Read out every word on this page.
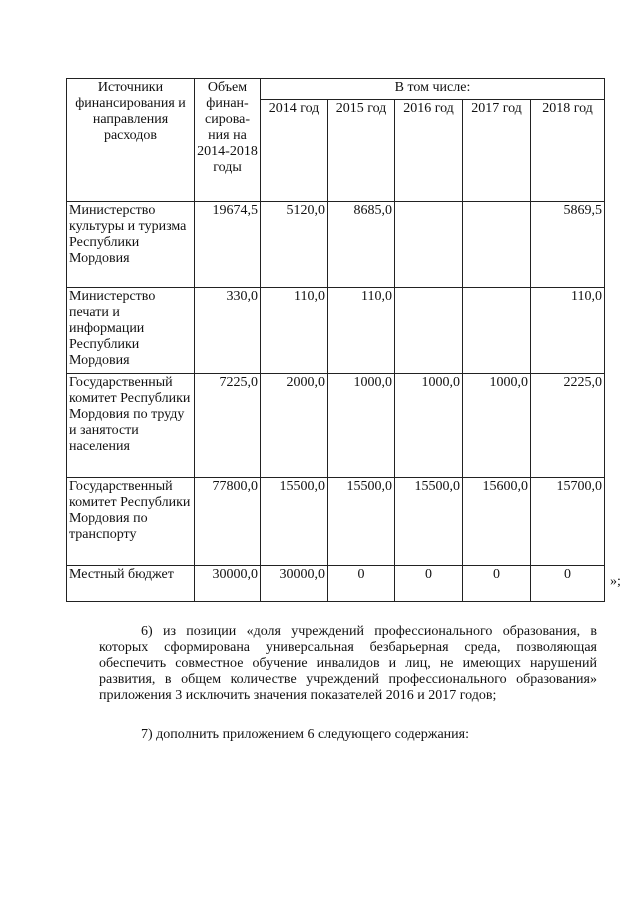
Источники финансирования и направления расходов	Объем финан-сирова-ния на 2014-2018 годы	В том числе:				
		2014 год	2015 год	2016 год	2017 год	2018 год
Министерство культуры и туризма Республики Мордовия	19674,5	5120,0	8685,0			5869,5
Министерство печати и информации Республики Мордовия	330,0	110,0	110,0			110,0
Государственный комитет Республики Мордовия по труду и занятости населения	7225,0	2000,0	1000,0	1000,0	1000,0	2225,0
Государственный комитет Республики Мордовия по транспорту	77800,0	15500,0	15500,0	15500,0	15600,0	15700,0
Местный бюджет	30000,0	30000,0	0	0	0	0	»;

6) из позиции «доля учреждений профессионального образования, в которых сформирована универсальная безбарьерная среда, позволяющая обеспечить совместное обучение инвалидов и лиц, не имеющих нарушений развития, в общем количестве учреждений профессионального образования» приложения 3 исключить значения показателей 2016 и 2017 годов;

7) дополнить приложением 6 следующего содержания:
